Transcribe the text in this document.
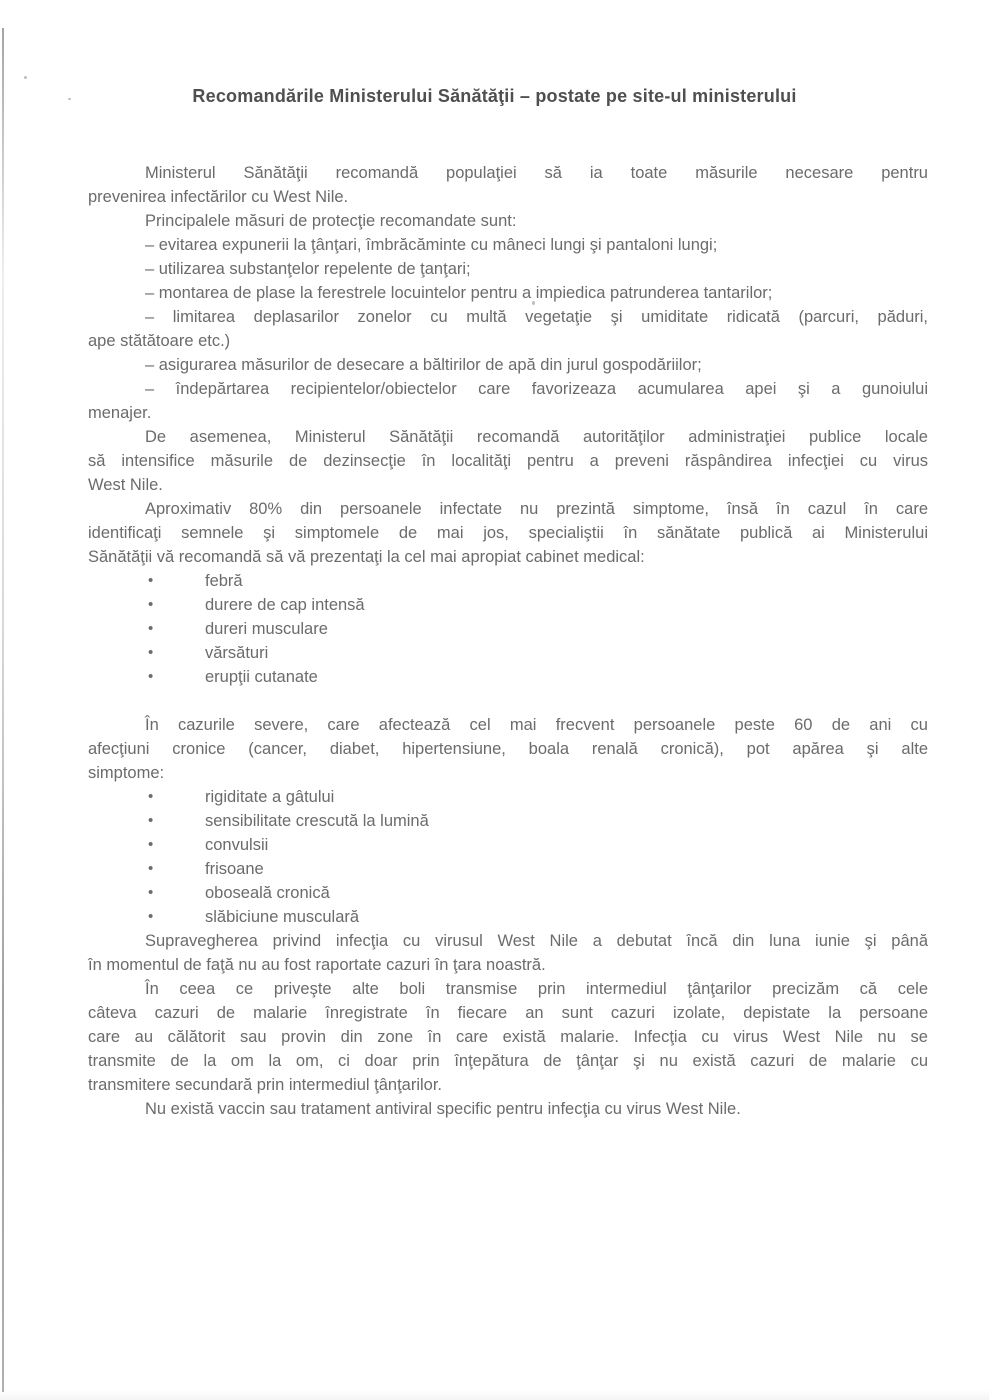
Recomandările Ministerului Sănătăţii – postate pe site-ul ministerului
Ministerul Sănătăţii recomandă populaţiei să ia toate măsurile necesare pentru
prevenirea infectărilor cu West Nile.
Principalele măsuri de protecţie recomandate sunt:
– evitarea expunerii la ţânţari, îmbrăcăminte cu mâneci lungi şi pantaloni lungi;
– utilizarea substanţelor repelente de ţanţari;
– montarea de plase la ferestrele locuintelor pentru a impiedica patrunderea tantarilor;
– limitarea deplasarilor zonelor cu multă vegetaţie şi umiditate ridicată (parcuri, păduri,
ape stătătoare etc.)
– asigurarea măsurilor de desecare a băltirilor de apă din jurul gospodăriilor;
– îndepărtarea recipientelor/obiectelor care favorizeaza acumularea apei şi a gunoiului
menajer.
De asemenea, Ministerul Sănătăţii recomandă autorităţilor administraţiei publice locale
să intensifice măsurile de dezinsecţie în localităţi pentru a preveni răspândirea infecţiei cu virus
West Nile.
Aproximativ 80% din persoanele infectate nu prezintă simptome, însă în cazul în care
identificaţi semnele şi simptomele de mai jos, specialiştii în sănătate publică ai Ministerului
Sănătăţii vă recomandă să vă prezentaţi la cel mai apropiat cabinet medical:
•	febră
•	durere de cap intensă
•	dureri musculare
•	vărsături
•	erupţii cutanate
În cazurile severe, care afectează cel mai frecvent persoanele peste 60 de ani cu
afecţiuni cronice (cancer, diabet, hipertensiune, boala renală cronică), pot apărea şi alte
simptome:
•	rigiditate a gâtului
•	sensibilitate crescută la lumină
•	convulsii
•	frisoane
•	oboseală cronică
•	slăbiciune musculară
Supravegherea privind infecţia cu virusul West Nile a debutat încă din luna iunie şi până
în momentul de faţă nu au fost raportate cazuri în ţara noastră.
În ceea ce priveşte alte boli transmise prin intermediul ţânţarilor precizăm că cele
câteva cazuri de malarie înregistrate în fiecare an sunt cazuri izolate, depistate la persoane
care au călătorit sau provin din zone în care există malarie. Infecţia cu virus West Nile nu se
transmite de la om la om, ci doar prin înţepătura de ţânţar şi nu există cazuri de malarie cu
transmitere secundară prin intermediul ţânţarilor.
Nu există vaccin sau tratament antiviral specific pentru infecţia cu virus West Nile.
